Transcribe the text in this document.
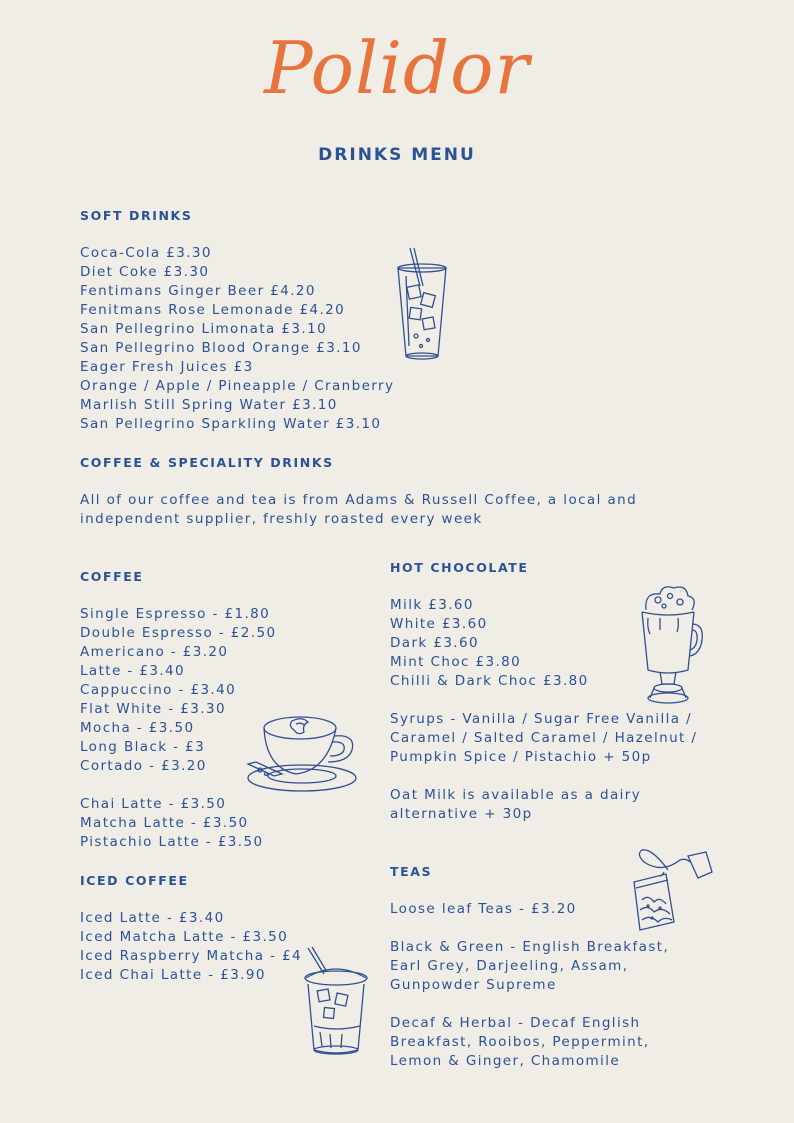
Polidor
DRINKS MENU
SOFT DRINKS
Coca-Cola £3.30
Diet Coke £3.30
Fentimans Ginger Beer £4.20
Fenitmans Rose Lemonade £4.20
San Pellegrino Limonata £3.10
San Pellegrino Blood Orange £3.10
Eager Fresh Juices £3
Orange / Apple / Pineapple / Cranberry
Marlish Still Spring Water £3.10
San Pellegrino Sparkling Water £3.10
COFFEE & SPECIALITY DRINKS
All of our coffee and tea is from Adams & Russell Coffee, a local and
independent supplier, freshly roasted every week
COFFEE
Single Espresso - £1.80
Double Espresso - £2.50
Americano - £3.20
Latte - £3.40
Cappuccino - £3.40
Flat White - £3.30
Mocha - £3.50
Long Black - £3
Cortado - £3.20
Chai Latte - £3.50
Matcha Latte - £3.50
Pistachio Latte - £3.50
ICED COFFEE
Iced Latte - £3.40
Iced Matcha Latte - £3.50
Iced Raspberry Matcha - £4
Iced Chai Latte - £3.90
HOT CHOCOLATE
Milk £3.60
White £3.60
Dark £3.60
Mint Choc £3.80
Chilli & Dark Choc £3.80
Syrups - Vanilla / Sugar Free Vanilla /
Caramel / Salted Caramel / Hazelnut /
Pumpkin Spice / Pistachio + 50p
Oat Milk is available as a dairy
alternative + 30p
TEAS
Loose leaf Teas - £3.20
Black & Green - English Breakfast,
Earl Grey, Darjeeling, Assam,
Gunpowder Supreme
Decaf & Herbal - Decaf English
Breakfast, Rooibos, Peppermint,
Lemon & Ginger, Chamomile
